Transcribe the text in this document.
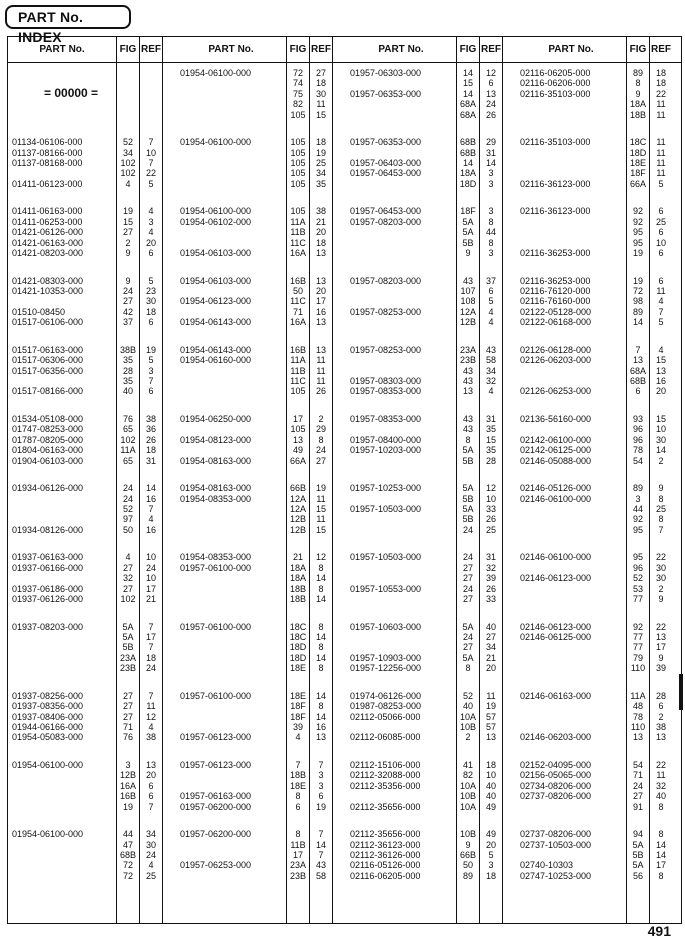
PART No. INDEX
PART No.	FIG REF	PART No.	FIG REF	PART No.	FIG REF	PART No.	FIG REF
01954-06100-000	72	27
74	18
75	30
82	11
105	15
01957-06303-000	14	12
15	6
01957-06353-000	14	13
68A	24
68A	26
02116-06205-000	89	18
02116-06206-000	8	18
02116-35103-000	9	22
18A	11
18B	11
01134-06106-000	52	7
01137-08166-000	34	10
01137-08168-000	102	7
102	22
01411-06123-000	4	5
01954-06100-000	105	18
105	19
105	25
105	34
105	35
01957-06353-000	68B	29
68B	31
01957-06403-000	14	14
01957-06453-000	18A	3
18D	3
02116-35103-000	18C	11
18D	11
18E	11
18F	11
02116-36123-000	66A	5
01411-06163-000	19	4
01411-06253-000	15	3
01421-06126-000	27	4
01421-06163-000	2	20
01421-08203-000	9	6
01954-06100-000	105	38
01954-06102-000	11A	21
11B	20
11C	18
01954-06103-000	16A	13
01957-06453-000	18F	3
01957-08203-000	5A	8
5A	44
5B	8
9	3
02116-36123-000	92	6
92	25
95	6
95	10
02116-36253-000	19	6
01421-08303-000	9	5
01421-10353-000	24	23
27	30
01510-08450	42	18
01517-06106-000	37	6
01954-06103-000	16B	13
50	20
01954-06123-000	11C	17
71	16
01954-06143-000	16A	13
01957-08203-000	43	37
107	6
108	5
01957-08253-000	12A	4
12B	4
02116-36253-000	19	6
02116-76120-000	72	11
02116-76160-000	98	4
02122-05128-000	89	7
02122-06168-000	14	5
01517-06163-000	38B	19
01517-06306-000	35	5
01517-06356-000	28	3
35	7
01517-08166-000	40	6
01954-06143-000	16B	13
01954-06160-000	11A	11
11B	11
11C	11
105	26
01957-08253-000	23A	43
23B	58
43	34
01957-08303-000	43	32
01957-08353-000	13	4
02126-06128-000	7	4
02126-06203-000	13	15
68A	13
68B	16
02126-06253-000	6	20
01534-05108-000	76	38
01747-08253-000	65	36
01787-08205-000	102	26
01804-06163-000	11A	18
01904-06103-000	65	31
01954-06250-000	17	2
105	29
01954-08123-000	13	8
49	24
01954-08163-000	66A	27
01957-08353-000	43	31
43	35
01957-08400-000	8	15
01957-10203-000	5A	35
5B	28
02136-56160-000	93	15
96	10
02142-06100-000	96	30
02142-06125-000	78	14
02146-05088-000	54	2
01934-06126-000	24	14
24	16
52	7
97	4
01934-08126-000	50	16
01954-08163-000	66B	19
01954-08353-000	12A	11
12A	15
12B	11
12B	15
01957-10253-000	5A	12
5B	10
01957-10503-000	5A	33
5B	26
24	25
02146-05126-000	89	9
02146-06100-000	3	8
44	25
92	8
95	7
01937-06163-000	4	10
01937-06166-000	27	24
32	10
01937-06186-000	27	17
01937-06126-000	102	21
01954-08353-000	21	12
01957-06100-000	18A	8
18A	14
18B	8
18B	14
01957-10503-000	24	31
27	32
27	39
01957-10553-000	24	26
27	33
02146-06100-000	95	22
96	30
02146-06123-000	52	30
53	2
77	9
01937-08203-000	5A	7
5A	17
5B	7
23A	18
23B	24
01957-06100-000	18C	8
18C	14
18D	8
18D	14
18E	8
01957-10603-000	5A	40
24	27
27	34
01957-10903-000	5A	21
01957-12256-000	8	20
02146-06123-000	92	22
02146-06125-000	77	13
77	17
79	9
110	39
01937-08256-000	27	7
01937-08356-000	27	11
01937-08406-000	27	12
01944-06166-000	71	4
01954-05083-000	76	38
01957-06100-000	18E	14
18F	8
18F	14
39	16
01957-06123-000	4	13
01974-06126-000	52	11
01987-08253-000	40	19
02112-05066-000	10A	57
10B	57
02112-06085-000	2	13
02146-06163-000	11A	28
48	6
78	2
110	38
02146-06203-000	13	13
01954-06100-000	3	13
12B	20
16A	6
16B	6
19	7
01957-06123-000	7	7
18B	3
18E	3
01957-06163-000	8	6
01957-06200-000	6	19
02112-15106-000	41	18
02112-32088-000	82	10
02112-35356-000	10A	40
10B	40
02112-35656-000	10A	49
02152-04095-000	54	22
02156-05065-000	71	11
02734-08206-000	24	32
02737-08206-000	27	40
91	8
01954-06100-000	44	34
47	30
68B	24
72	4
72	25
01957-06200-000	8	7
11B	14
17	7
01957-06253-000	23A	43
23B	58
02112-35656-000	10B	49
02112-36123-000	9	20
02112-36126-000	66B	5
02116-05126-000	50	3
02116-06205-000	89	18
02737-08206-000	94	8
02737-10503-000	5A	14
5B	14
02740-10303	5A	17
02747-10253-000	56	8
= 00000 =
491
